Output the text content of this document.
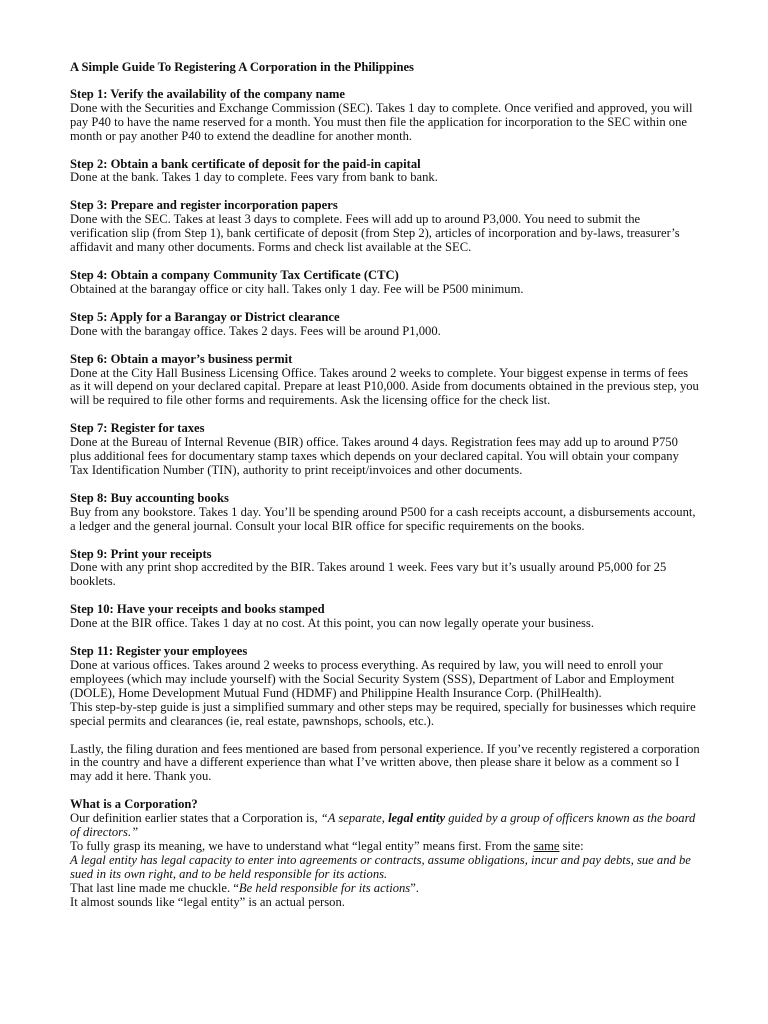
A Simple Guide To Registering A Corporation in the Philippines
Step 1: Verify the availability of the company name
Done with the Securities and Exchange Commission (SEC). Takes 1 day to complete. Once verified and approved, you will pay P40 to have the name reserved for a month. You must then file the application for incorporation to the SEC within one month or pay another P40 to extend the deadline for another month.
Step 2: Obtain a bank certificate of deposit for the paid-in capital
Done at the bank. Takes 1 day to complete. Fees vary from bank to bank.
Step 3: Prepare and register incorporation papers
Done with the SEC. Takes at least 3 days to complete. Fees will add up to around P3,000. You need to submit the verification slip (from Step 1), bank certificate of deposit (from Step 2), articles of incorporation and by-laws, treasurer’s affidavit and many other documents. Forms and check list available at the SEC.
Step 4: Obtain a company Community Tax Certificate (CTC)
Obtained at the barangay office or city hall. Takes only 1 day. Fee will be P500 minimum.
Step 5: Apply for a Barangay or District clearance
Done with the barangay office. Takes 2 days. Fees will be around P1,000.
Step 6: Obtain a mayor’s business permit
Done at the City Hall Business Licensing Office. Takes around 2 weeks to complete. Your biggest expense in terms of fees as it will depend on your declared capital. Prepare at least P10,000. Aside from documents obtained in the previous step, you will be required to file other forms and requirements. Ask the licensing office for the check list.
Step 7: Register for taxes
Done at the Bureau of Internal Revenue (BIR) office. Takes around 4 days. Registration fees may add up to around P750 plus additional fees for documentary stamp taxes which depends on your declared capital. You will obtain your company Tax Identification Number (TIN), authority to print receipt/invoices and other documents.
Step 8: Buy accounting books
Buy from any bookstore. Takes 1 day. You’ll be spending around P500 for a cash receipts account, a disbursements account, a ledger and the general journal. Consult your local BIR office for specific requirements on the books.
Step 9: Print your receipts
Done with any print shop accredited by the BIR. Takes around 1 week. Fees vary but it’s usually around P5,000 for 25 booklets.
Step 10: Have your receipts and books stamped
Done at the BIR office. Takes 1 day at no cost. At this point, you can now legally operate your business.
Step 11: Register your employees
Done at various offices. Takes around 2 weeks to process everything. As required by law, you will need to enroll your employees (which may include yourself) with the Social Security System (SSS), Department of Labor and Employment (DOLE), Home Development Mutual Fund (HDMF) and Philippine Health Insurance Corp. (PhilHealth).

This step-by-step guide is just a simplified summary and other steps may be required, specially for businesses which require special permits and clearances (ie, real estate, pawnshops, schools, etc.).

Lastly, the filing duration and fees mentioned are based from personal experience. If you’ve recently registered a corporation in the country and have a different experience than what I’ve written above, then please share it below as a comment so I may add it here. Thank you.

What is a Corporation?
Our definition earlier states that a Corporation is, “A separate, legal entity guided by a group of officers known as the board of directors.”
To fully grasp its meaning, we have to understand what “legal entity” means first. From the same site:
A legal entity has legal capacity to enter into agreements or contracts, assume obligations, incur and pay debts, sue and be sued in its own right, and to be held responsible for its actions.
That last line made me chuckle. “Be held responsible for its actions”.
It almost sounds like “legal entity” is an actual person.
